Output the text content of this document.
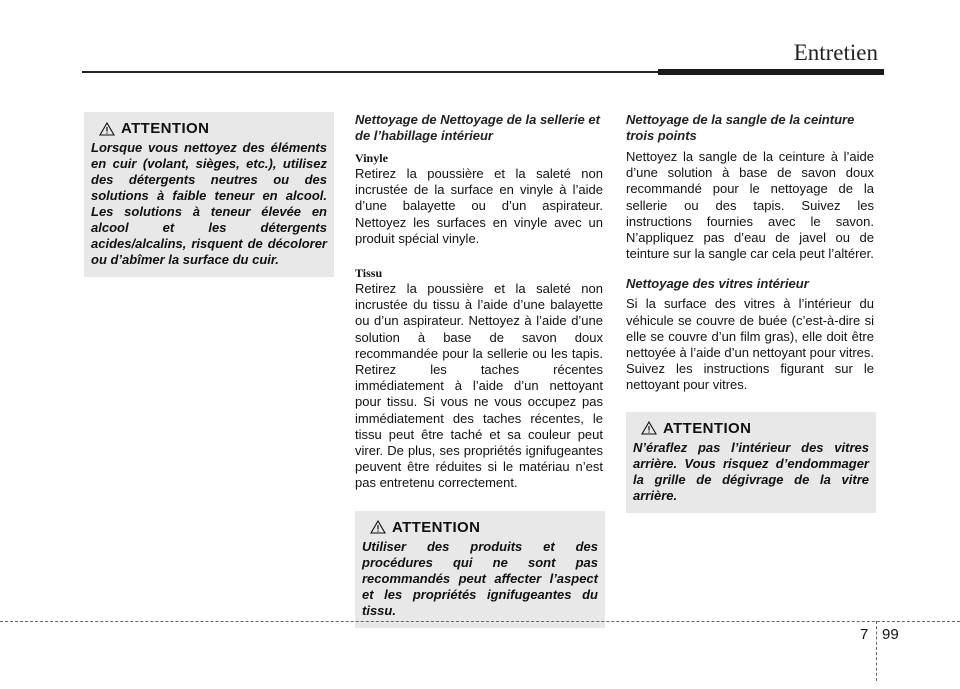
Entretien
ATTENTION

Lorsque vous nettoyez des éléments en cuir (volant, sièges, etc.), utilisez des détergents neutres ou des solutions à faible teneur en alcool. Les solutions à teneur élevée en alcool et les détergents acides/alcalins, risquent de décolorer ou d’abîmer la surface du cuir.

Nettoyage de Nettoyage de la sellerie et de l’habillage intérieur

Vinyle

Retirez la poussière et la saleté non incrustée de la surface en vinyle à l’aide d’une balayette ou d’un aspirateur. Nettoyez les surfaces en vinyle avec un produit spécial vinyle.

Tissu

Retirez la poussière et la saleté non incrustée du tissu à l’aide d’une balayette ou d’un aspirateur. Nettoyez à l’aide d’une solution à base de savon doux recommandée pour la sellerie ou les tapis. Retirez les taches récentes immédiatement à l’aide d’un nettoyant pour tissu. Si vous ne vous occupez pas immédiatement des taches récentes, le tissu peut être taché et sa couleur peut virer. De plus, ses propriétés ignifugeantes peuvent être réduites si le matériau n’est pas entretenu correctement.

ATTENTION

Utiliser des produits et des procédures qui ne sont pas recommandés peut affecter l’aspect et les propriétés ignifugeantes du tissu.

Nettoyage de la sangle de la ceinture trois points

Nettoyez la sangle de la ceinture à l’aide d’une solution à base de savon doux recommandé pour le nettoyage de la sellerie ou des tapis. Suivez les instructions fournies avec le savon. N’appliquez pas d’eau de javel ou de teinture sur la sangle car cela peut l’altérer.

Nettoyage des vitres intérieur

Si la surface des vitres à l’intérieur du véhicule se couvre de buée (c’est-à-dire si elle se couvre d’un film gras), elle doit être nettoyée à l’aide d’un nettoyant pour vitres. Suivez les instructions figurant sur le nettoyant pour vitres.

ATTENTION

N’éraflez pas l’intérieur des vitres arrière. Vous risquez d’endommager la grille de dégivrage de la vitre arrière.

7 99
